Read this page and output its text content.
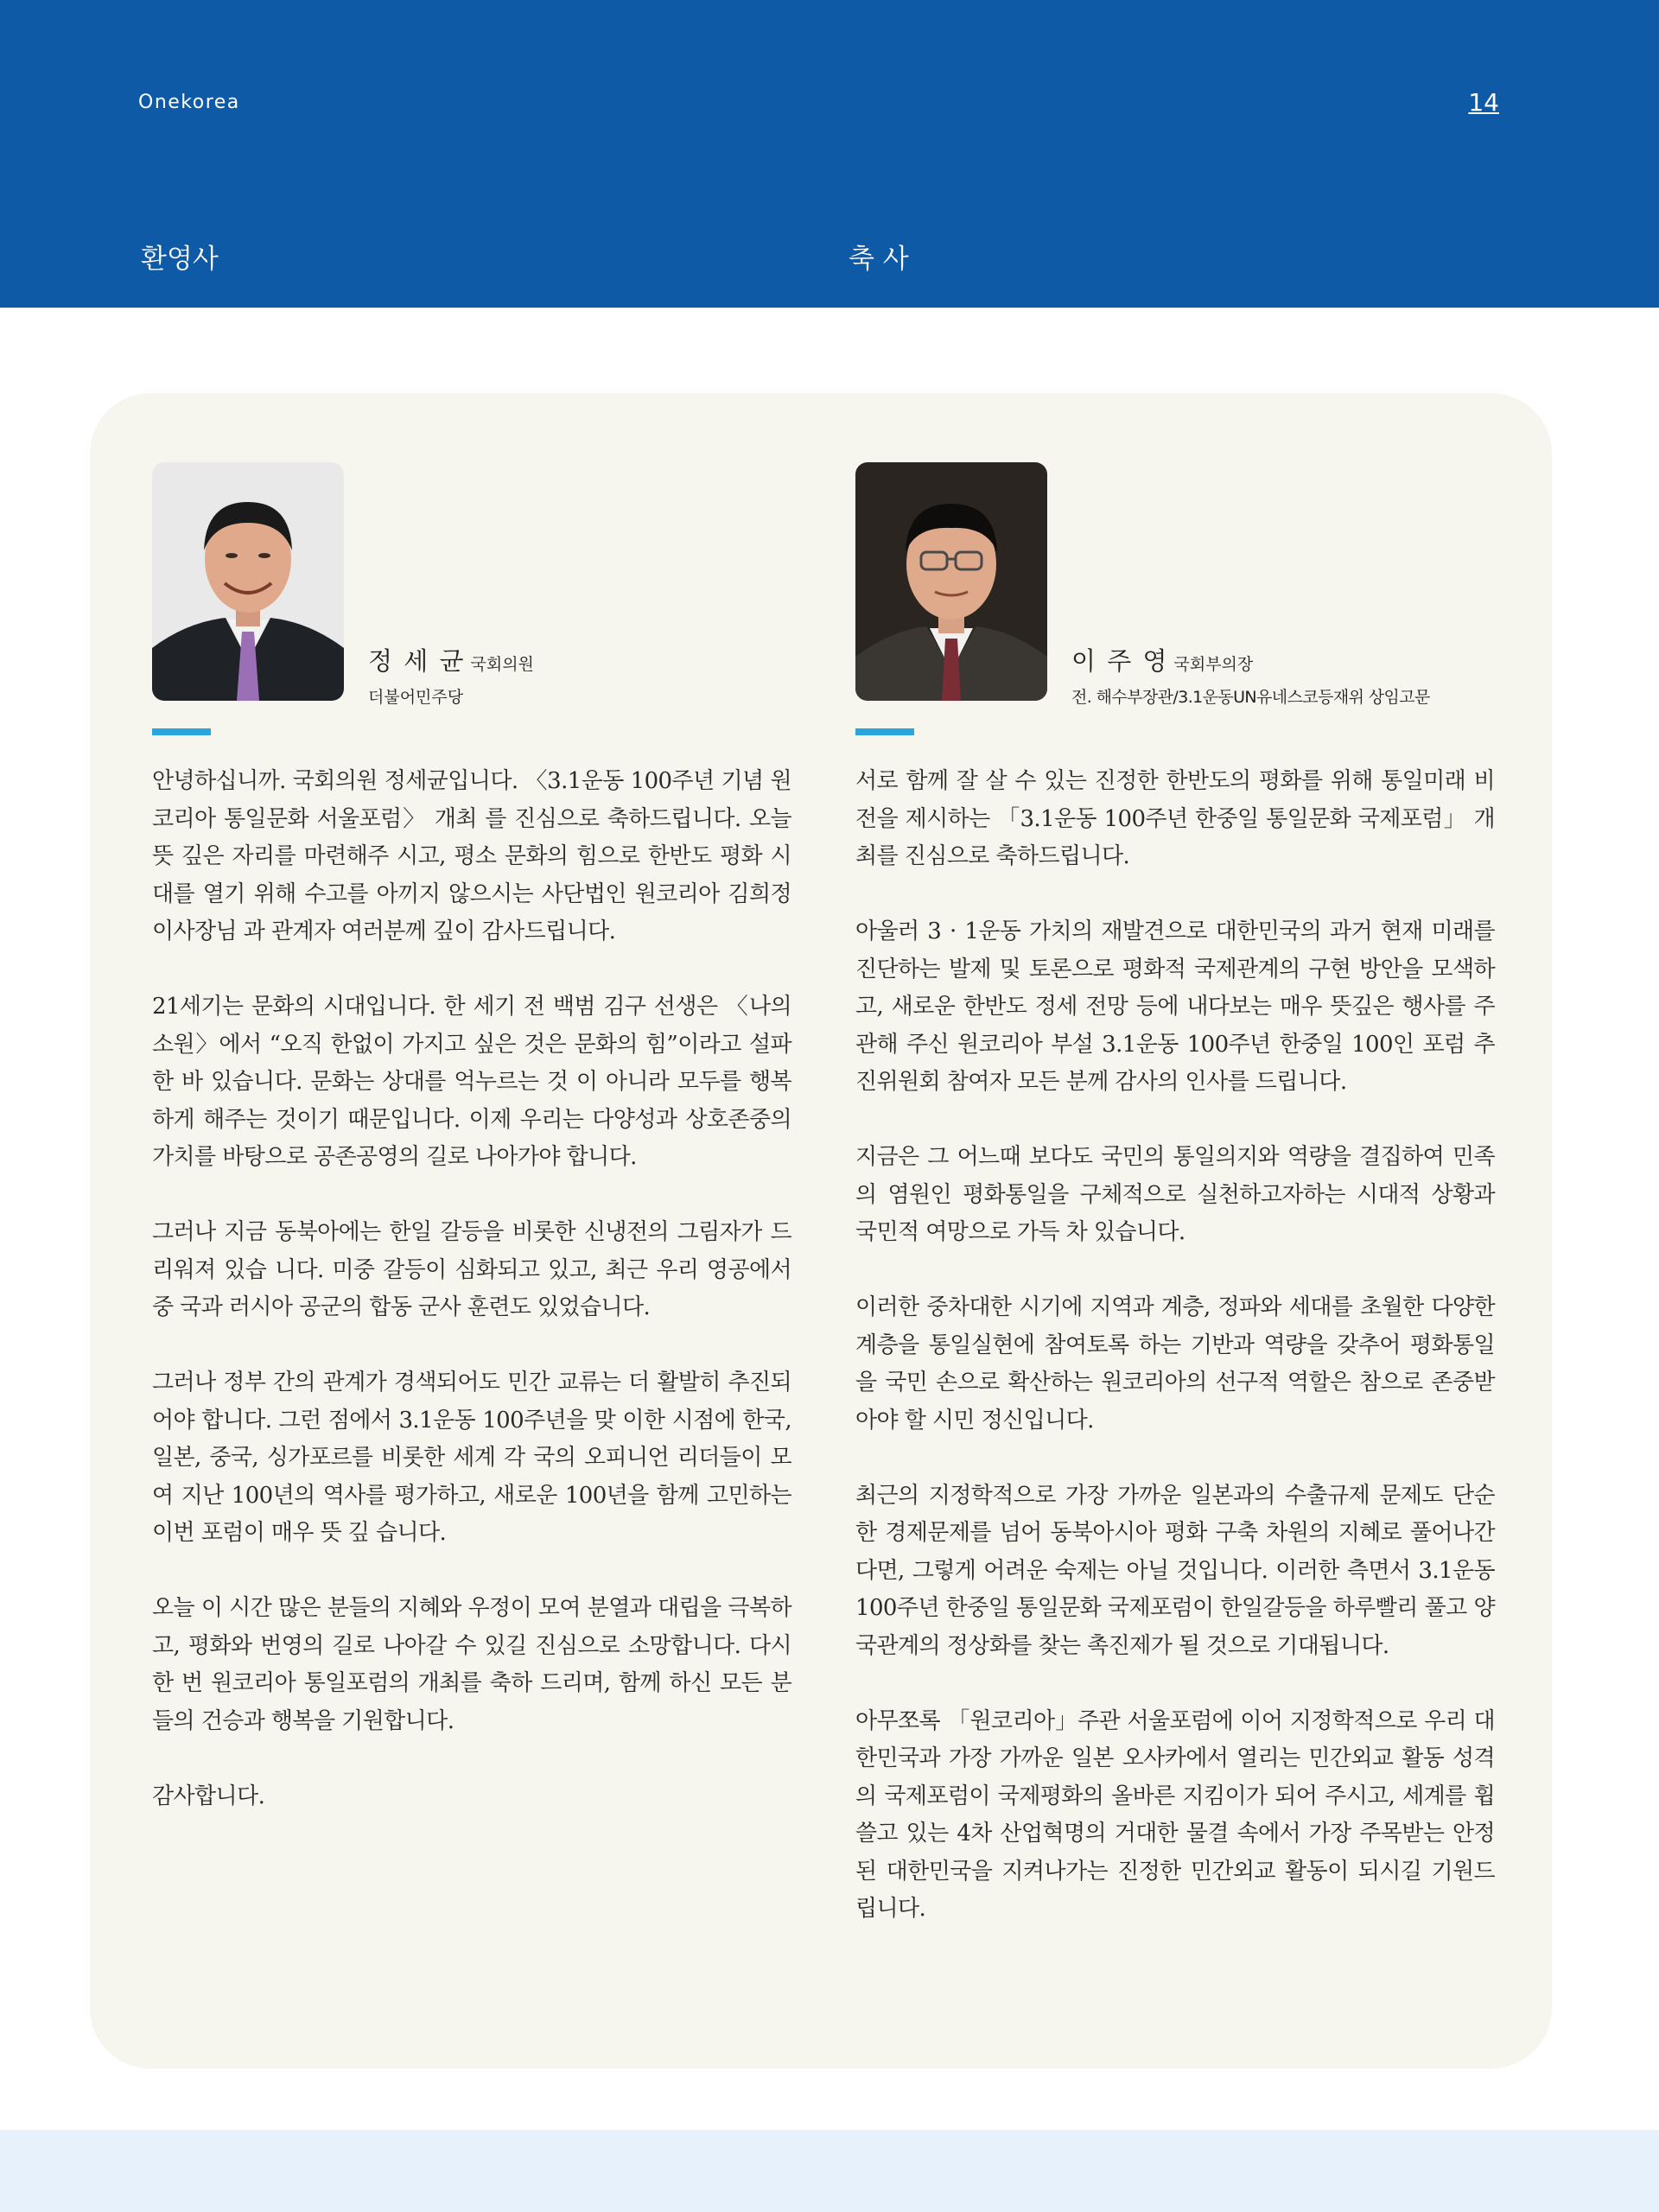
Onekorea	14
환영사	축 사
정 세 균 국회의원
더불어민주당

안녕하십니까. 국회의원 정세균입니다. 〈3.1운동 100주년 기념 원코리아 통일문화 서울포럼〉 개최 를 진심으로 축하드립니다. 오늘 뜻 깊은 자리를 마련해주 시고, 평소 문화의 힘으로 한반도 평화 시대를 열기 위해 수고를 아끼지 않으시는 사단법인 원코리아 김희정 이사장님 과 관계자 여러분께 깊이 감사드립니다.

21세기는 문화의 시대입니다. 한 세기 전 백범 김구 선생은 〈나의 소원〉에서 “오직 한없이 가지고 싶은 것은 문화의 힘”이라고 설파한 바 있습니다. 문화는 상대를 억누르는 것 이 아니라 모두를 행복하게 해주는 것이기 때문입니다. 이제 우리는 다양성과 상호존중의 가치를 바탕으로 공존공영의 길로 나아가야 합니다.

그러나 지금 동북아에는 한일 갈등을 비롯한 신냉전의 그림자가 드리워져 있습 니다. 미중 갈등이 심화되고 있고, 최근 우리 영공에서 중 국과 러시아 공군의 합동 군사 훈련도 있었습니다.

그러나 정부 간의 관계가 경색되어도 민간 교류는 더 활발히 추진되어야 합니다. 그런 점에서 3.1운동 100주년을 맞 이한 시점에 한국, 일본, 중국, 싱가포르를 비롯한 세계 각 국의 오피니언 리더들이 모여 지난 100년의 역사를 평가하고, 새로운 100년을 함께 고민하는 이번 포럼이 매우 뜻 깊 습니다.

오늘 이 시간 많은 분들의 지혜와 우정이 모여 분열과 대립을 극복하고, 평화와 번영의 길로 나아갈 수 있길 진심으로 소망합니다. 다시 한 번 원코리아 통일포럼의 개최를 축하 드리며, 함께 하신 모든 분들의 건승과 행복을 기원합니다.

감사합니다.

이 주 영 국회부의장
전. 해수부장관/3.1운동UN유네스코등재위 상임고문

서로 함께 잘 살 수 있는 진정한 한반도의 평화를 위해 통일미래 비전을 제시하는 「3.1운동 100주년 한중일 통일문화 국제포럼」 개최를 진심으로 축하드립니다.

아울러 3 · 1운동 가치의 재발견으로 대한민국의 과거 현재 미래를 진단하는 발제 및 토론으로 평화적 국제관계의 구현 방안을 모색하고, 새로운 한반도 정세 전망 등에 내다보는 매우 뜻깊은 행사를 주관해 주신 원코리아 부설 3.1운동 100주년 한중일 100인 포럼 추진위원회 참여자 모든 분께 감사의 인사를 드립니다.

지금은 그 어느때 보다도 국민의 통일의지와 역량을 결집하여 민족의 염원인 평화통일을 구체적으로 실천하고자하는 시대적 상황과 국민적 여망으로 가득 차 있습니다.

이러한 중차대한 시기에 지역과 계층, 정파와 세대를 초월한 다양한 계층을 통일실현에 참여토록 하는 기반과 역량을 갖추어 평화통일을 국민 손으로 확산하는 원코리아의 선구적 역할은 참으로 존중받아야 할 시민 정신입니다.

최근의 지정학적으로 가장 가까운 일본과의 수출규제 문제도 단순한 경제문제를 넘어 동북아시아 평화 구축 차원의 지혜로 풀어나간다면, 그렇게 어려운 숙제는 아닐 것입니다. 이러한 측면서 3.1운동 100주년 한중일 통일문화 국제포럼이 한일갈등을 하루빨리 풀고 양국관계의 정상화를 찾는 촉진제가 될 것으로 기대됩니다.

아무쪼록 「원코리아」주관 서울포럼에 이어 지정학적으로 우리 대한민국과 가장 가까운 일본 오사카에서 열리는 민간외교 활동 성격의 국제포럼이 국제평화의 올바른 지킴이가 되어 주시고, 세계를 휩쓸고 있는 4차 산업혁명의 거대한 물결 속에서 가장 주목받는 안정된 대한민국을 지켜나가는 진정한 민간외교 활동이 되시길 기원드립니다.
